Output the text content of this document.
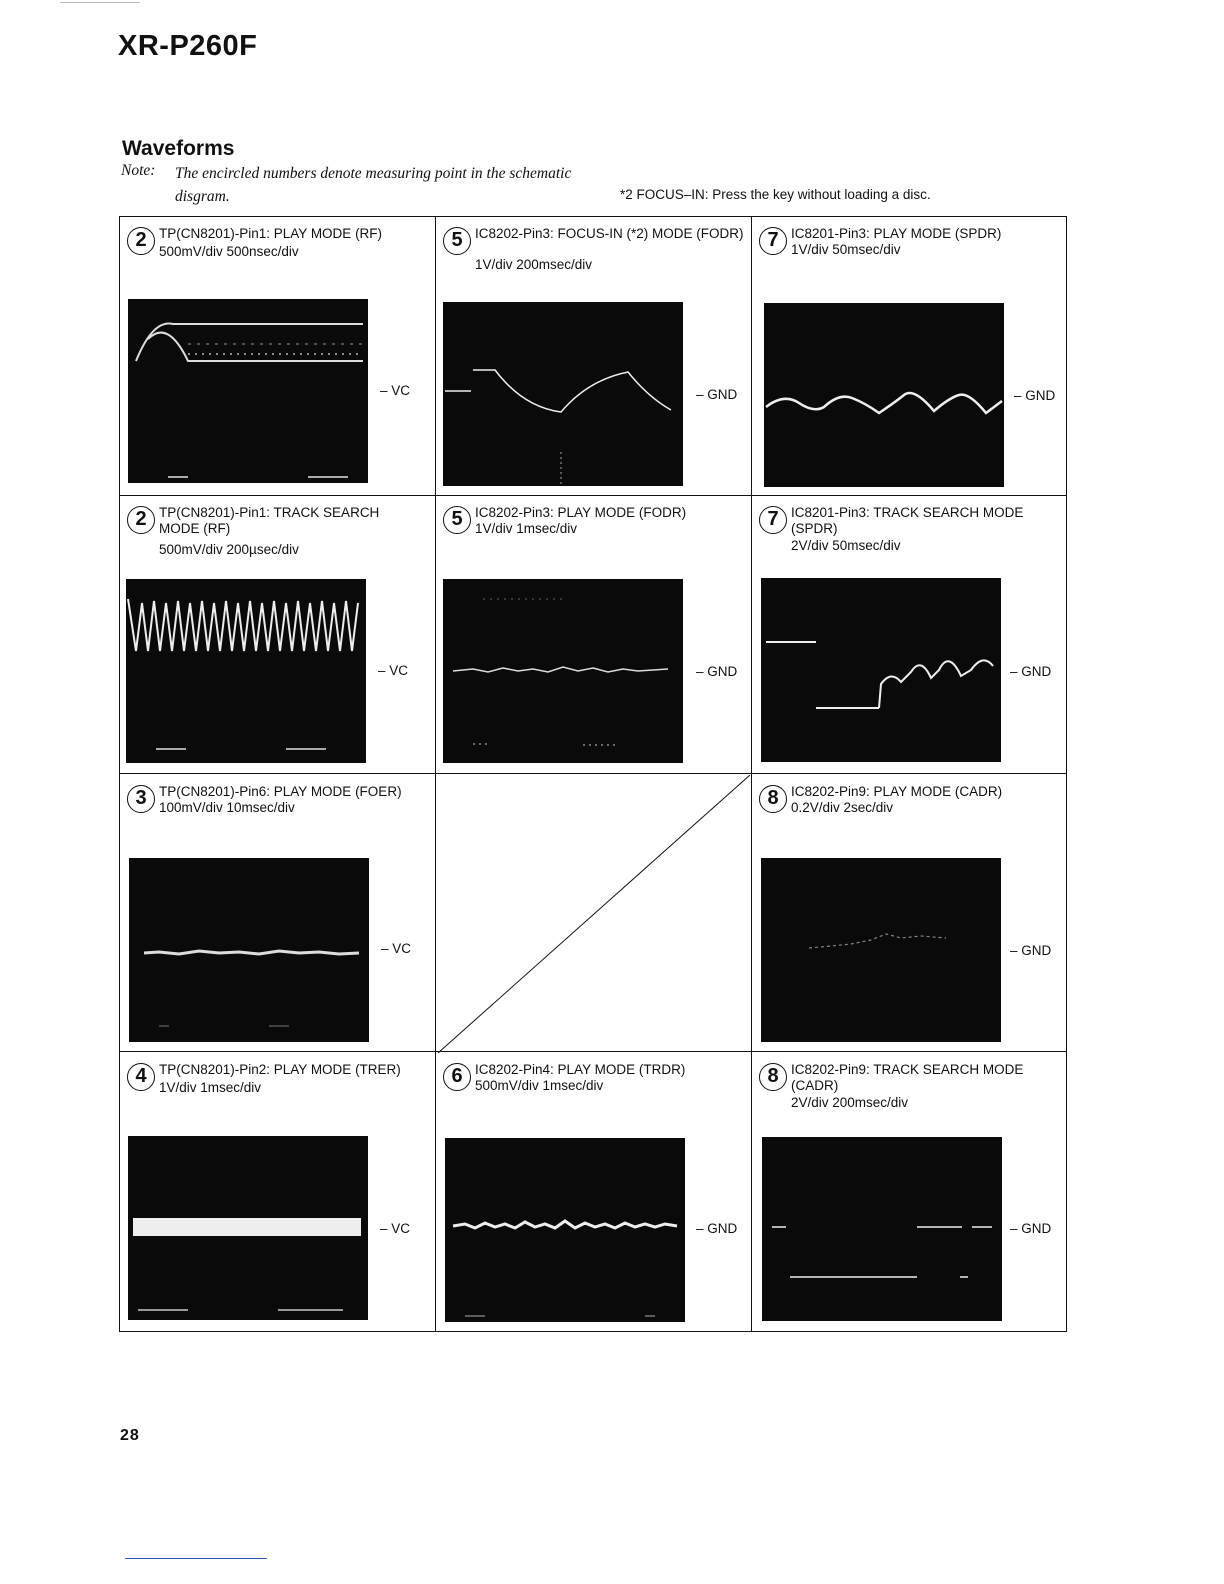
XR-P260F
Waveforms
Note: The encircled numbers denote measuring point in the schematic disgram.	*2 FOCUS–IN: Press the key without loading a disc.
2 TP(CN8201)-Pin1: PLAY MODE (RF)
500mV/div 500nsec/div
– VC
5 IC8202-Pin3: FOCUS-IN (*2) MODE (FODR)
1V/div 200msec/div
– GND
7 IC8201-Pin3: PLAY MODE (SPDR)
1V/div 50msec/div
– GND
2 TP(CN8201)-Pin1: TRACK SEARCH MODE (RF)
500mV/div 200µsec/div
– VC
5 IC8202-Pin3: PLAY MODE (FODR)
1V/div 1msec/div
– GND
7 IC8201-Pin3: TRACK SEARCH MODE (SPDR)
2V/div 50msec/div
– GND
3 TP(CN8201)-Pin6: PLAY MODE (FOER)
100mV/div 10msec/div
– VC
8 IC8202-Pin9: PLAY MODE (CADR)
0.2V/div 2sec/div
– GND
4 TP(CN8201)-Pin2: PLAY MODE (TRER)
1V/div 1msec/div
– VC
6 IC8202-Pin4: PLAY MODE (TRDR)
500mV/div 1msec/div
– GND
8 IC8202-Pin9: TRACK SEARCH MODE (CADR)
2V/div 200msec/div
– GND
28
